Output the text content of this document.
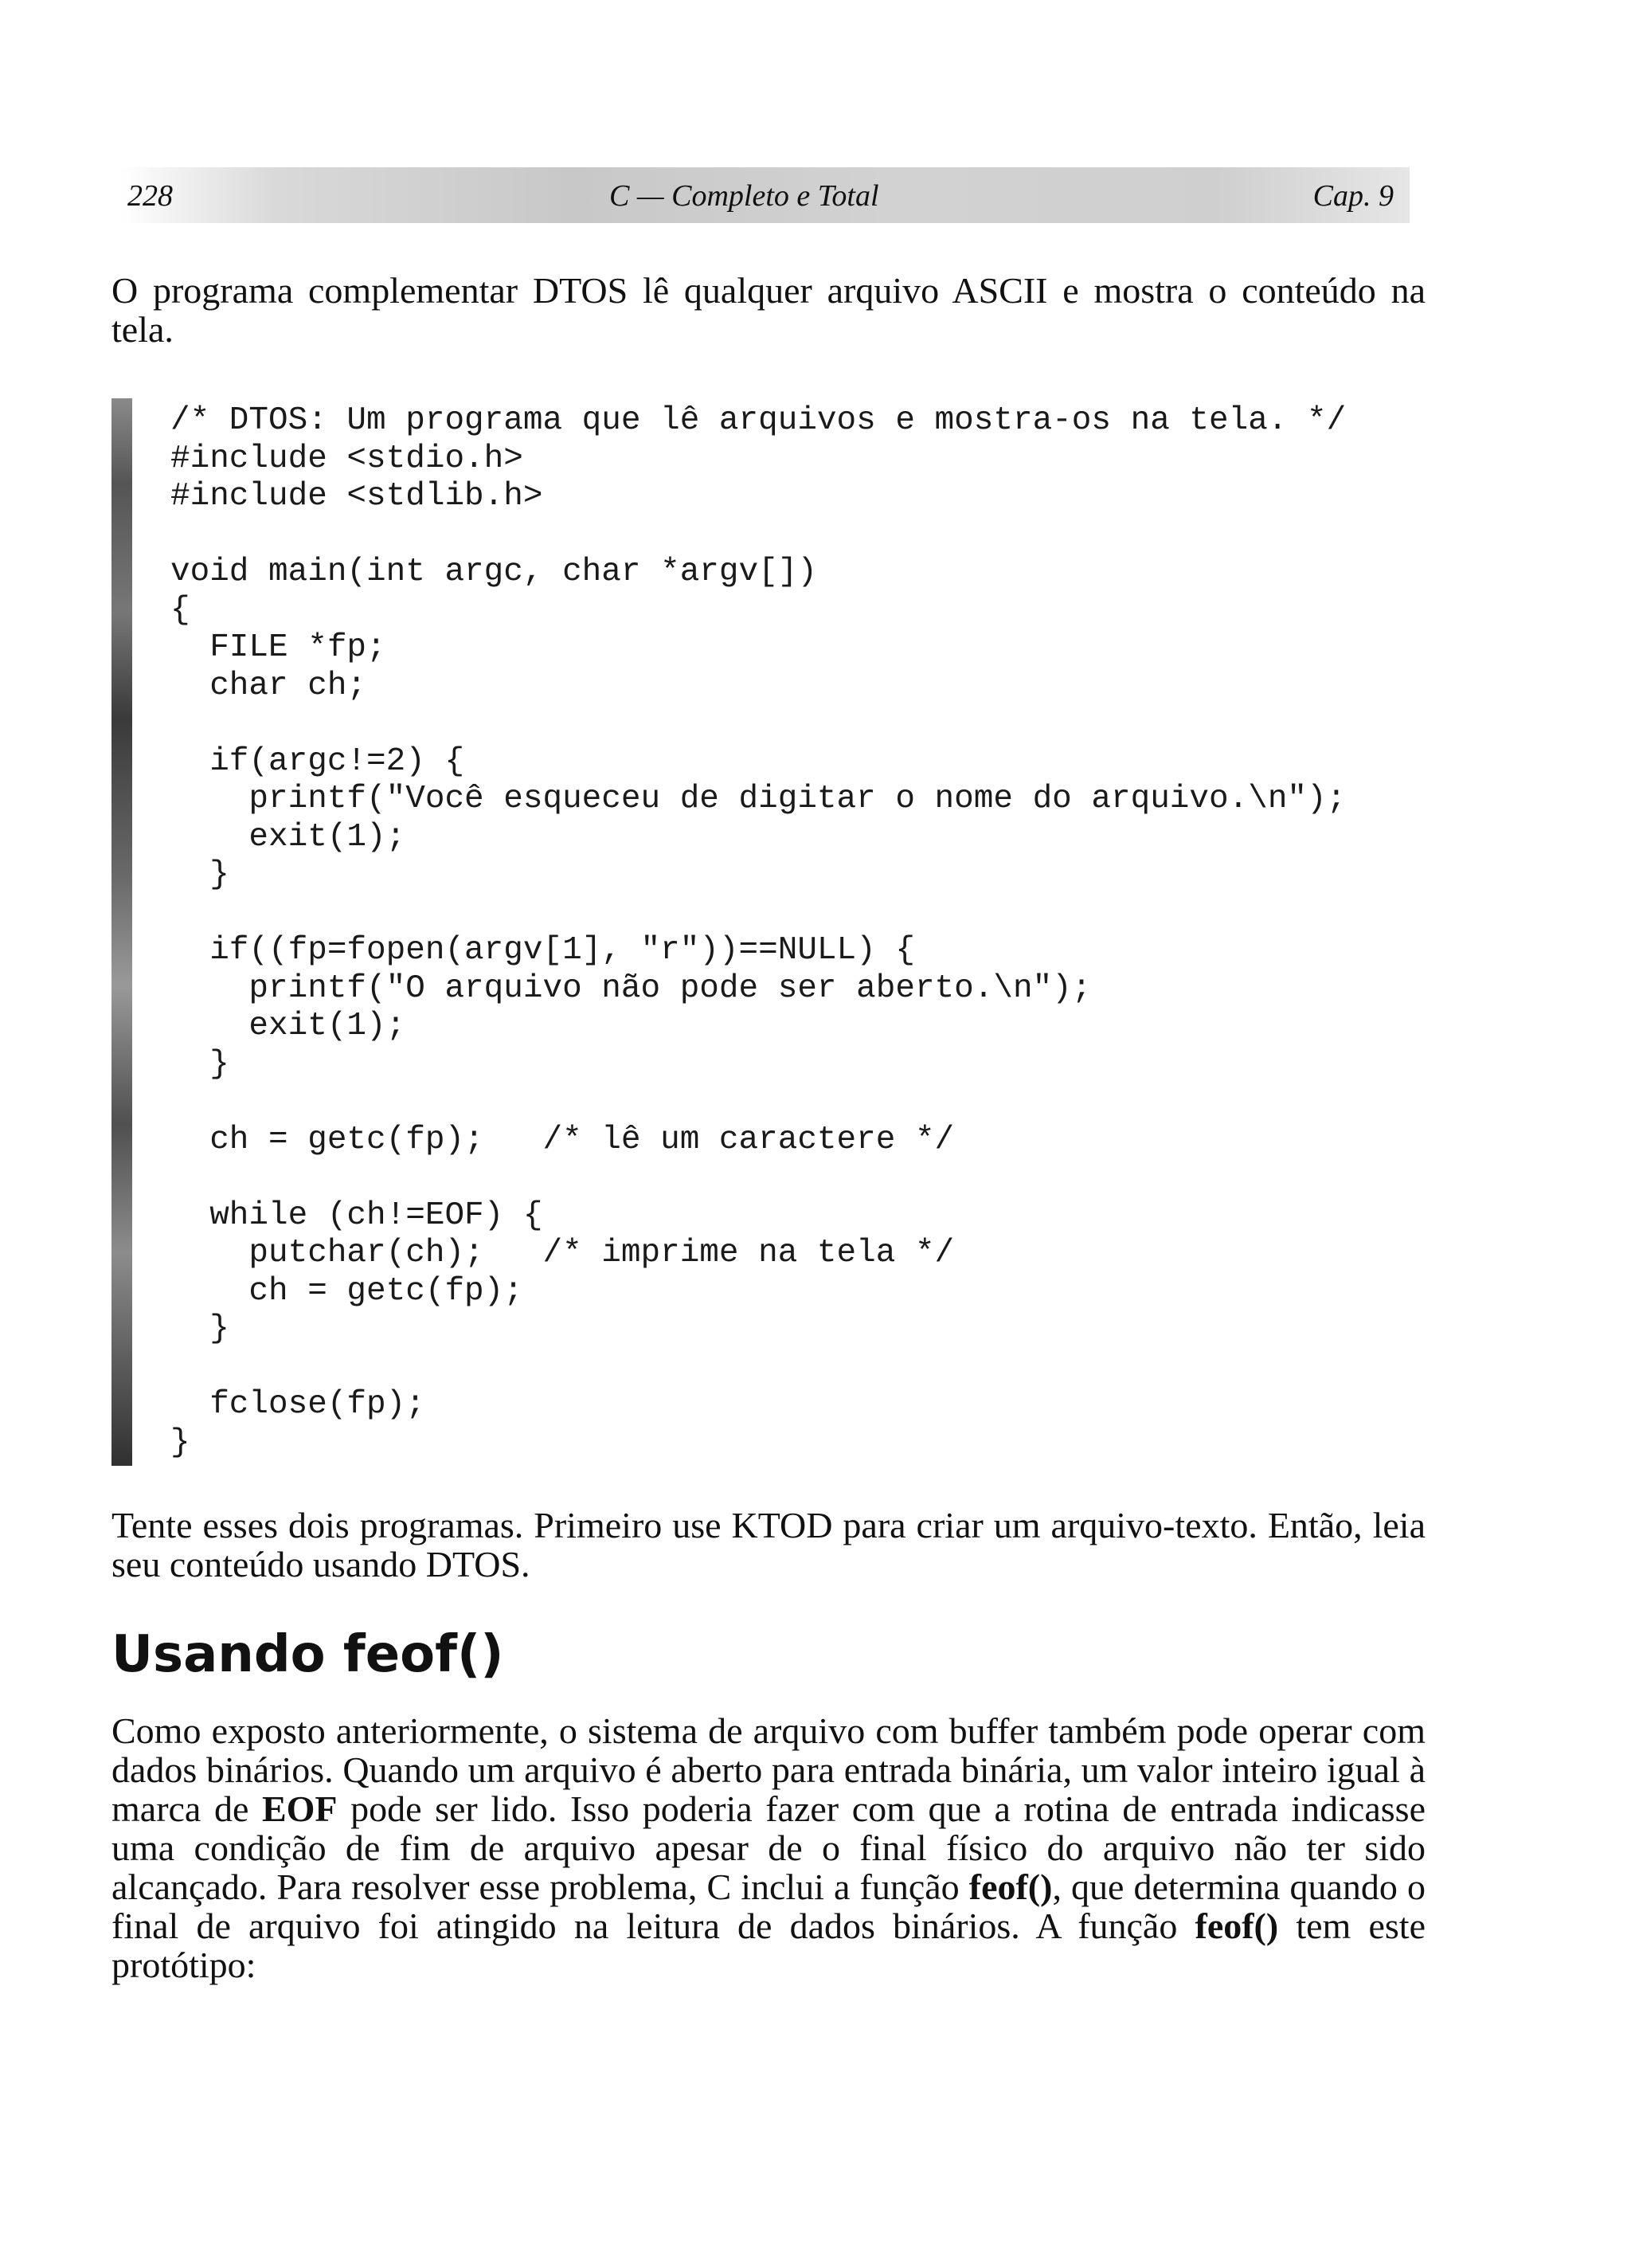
228	C — Completo e Total	Cap. 9

O programa complementar DTOS lê qualquer arquivo ASCII e mostra o conteúdo na tela.

/* DTOS: Um programa que lê arquivos e mostra-os na tela. */
#include <stdio.h>
#include <stdlib.h>
void main(int argc, char *argv[])
{
FILE *fp;
char ch;
if(argc!=2) {
printf("Você esqueceu de digitar o nome do arquivo.\n");
exit(1);
}
if((fp=fopen(argv[1], "r"))==NULL) {
printf("O arquivo não pode ser aberto.\n");
exit(1);
}
ch = getc(fp);   /* lê um caractere */
while (ch!=EOF) {
putchar(ch);   /* imprime na tela */
ch = getc(fp);
}
fclose(fp);
}

Tente esses dois programas. Primeiro use KTOD para criar um arquivo-texto. Então, leia seu conteúdo usando DTOS.

Usando feof()

Como exposto anteriormente, o sistema de arquivo com buffer também pode operar com dados binários. Quando um arquivo é aberto para entrada binária, um valor inteiro igual à marca de EOF pode ser lido. Isso poderia fazer com que a rotina de entrada indicasse uma condição de fim de arquivo apesar de o final físico do arquivo não ter sido alcançado. Para resolver esse problema, C inclui a função feof(), que determina quando o final de arquivo foi atingido na leitura de dados binários. A função feof() tem este protótipo:
